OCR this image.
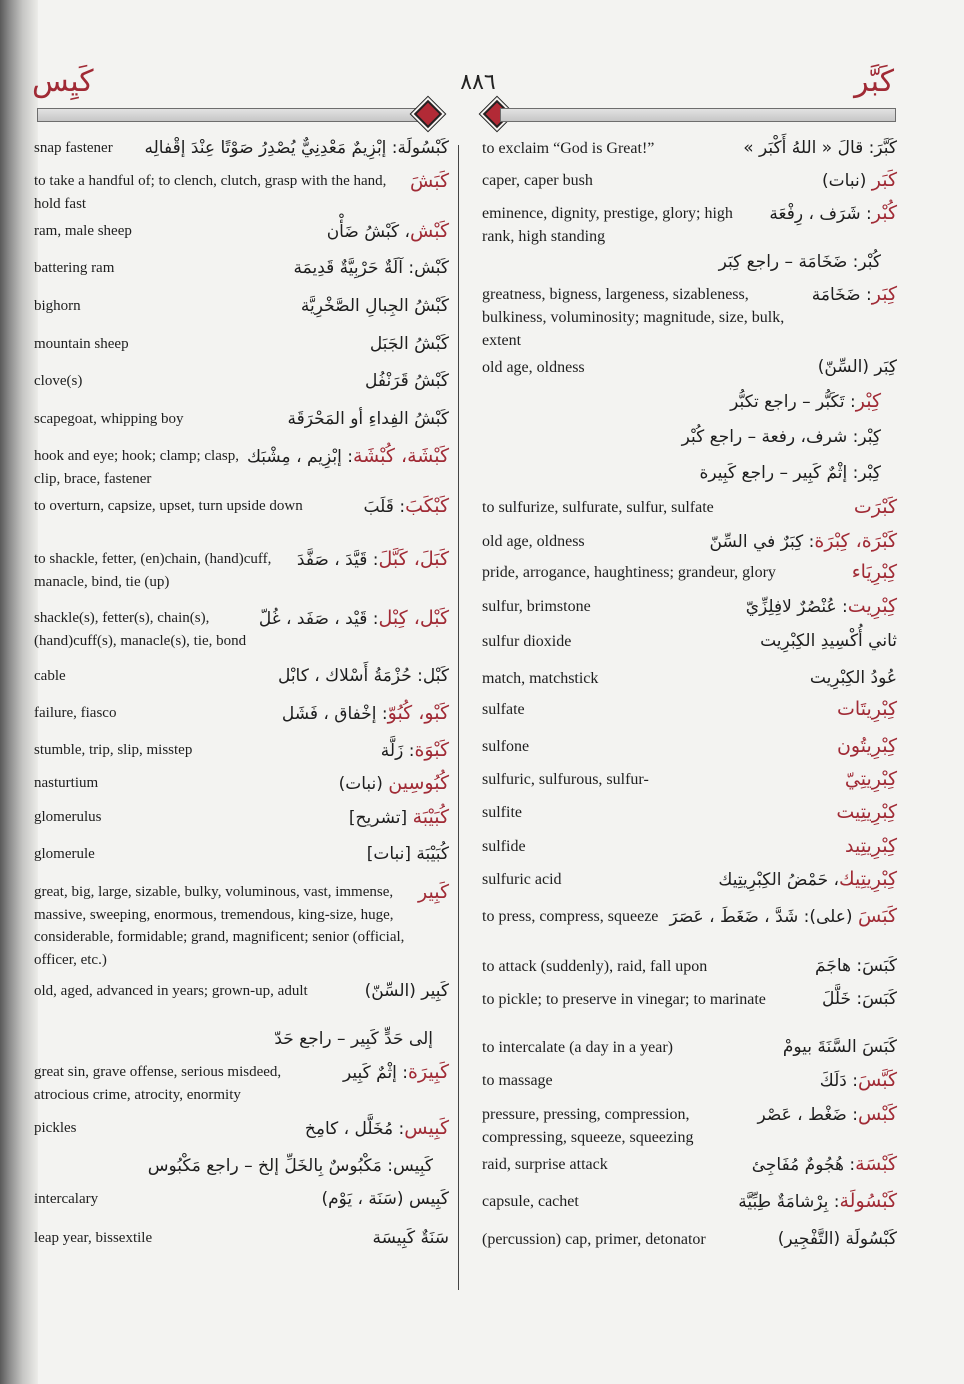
كَيِس	٨٨٦	كَبَّر
كَبْسُولَة: إبْزِيمٌ مَعْدِنِيٌّ يُصْدِرُ صَوْتًا عِنْدَ إقْفالِه
snap fastener
كَبَشَ
to take a handful of; to clench, clutch, grasp with the hand, hold fast
كَبْش، كَبْشُ ضَأْن
ram, male sheep
كَبْش: آلَةٌ حَرْبِيَّةٌ قَدِيمَة
battering ram
كَبْشُ الجِبالِ الصَّخْرِيَّة
bighorn
كَبْشُ الجَبَل
mountain sheep
كَبْشُ قَرَنْفُل
clove(s)
كَبْشُ الفِداءِ أو المَحْرَقَة
scapegoat, whipping boy
كَبْشَة، كُبْشَة: إبْزِيم ، مِشْبَك
hook and eye; hook; clamp; clasp, clip, brace, fastener
كَبْكَبَ: قَلَبَ
to overturn, capsize, upset, turn upside down
كَبَلَ، كَبَّلَ: قَيَّدَ ، صَفَّدَ
to shackle, fetter, (en)chain, (hand)cuff, manacle, bind, tie (up)
كَبْل، كِبْل: قَيْد ، صَفَد ، غُلّ
shackle(s), fetter(s), chain(s), (hand)cuff(s), manacle(s), tie, bond
كَبْل: حُزْمَةُ أَسْلاك ، كابْل
cable
كَبْو، كُبُوّ: إخْفاق ، فَشَل
failure, fiasco
كَبْوَة: زَلَّة
stumble, trip, slip, misstep
كُبُوسِين (نبات)
nasturtium
كُبَيْبَة [تشريح]
glomerulus
كُبَيْبَة [نبات]
glomerule
كَبِير
great, big, large, sizable, bulky, voluminous, vast, immense, massive, sweeping, enormous, tremendous, king-size, huge, considerable, formidable; grand, magnificent; senior (official, officer, etc.)
كَبِير (السِّنّ)
old, aged, advanced in years; grown-up, adult
إلى حَدٍّ كَبِير – راجع حَدّ
كَبِيرَة: إثْمٌ كَبِير
great sin, grave offense, serious misdeed, atrocious crime, atrocity, enormity
كَبِيس: مُخَلَّل ، كامِخ
pickles
كَبِيس: مَكْبُوسٌ بِالخَلِّ إلخ – راجع مَكْبُوس
كَبِيس (سَنَة ، يَوْم)
intercalary
سَنَةٌ كَبِيسَة
leap year, bissextile
كَبَّرَ: قالَ « اللهُ أَكْبَر »
to exclaim “God is Great!”
كَبَر (نبات)
caper, caper bush
كُبْر: شَرَف ، رِفْعَة
eminence, dignity, prestige, glory; high rank, high standing
كُبْر: ضَخَامَة – راجع كِبَر
كِبَر: ضَخَامَة
greatness, bigness, largeness, sizableness, bulkiness, voluminosity; magnitude, size, bulk, extent
كِبَر (السِّنّ)
old age, oldness
كِبْر: تَكَبُّر – راجع تكبُّر
كِبْر: شرف، رفعة – راجع كُبْر
كِبْر: إثْمٌ كَبِير – راجع كَبِيرة
كَبْرَت
to sulfurize, sulfurate, sulfur, sulfate
كَبْرَة، كِبْرَة: كِبَرٌ في السِّنّ
old age, oldness
كِبْرِيَاء
pride, arrogance, haughtiness; grandeur, glory
كِبْرِيت: عُنْصُرٌ لافِلِزِّيّ
sulfur, brimstone
ثاني أُكْسِيدِ الكِبْرِيت
sulfur dioxide
عُودُ الكِبْرِيت
match, matchstick
كِبْرِيتَات
sulfate
كِبْرِيتُون
sulfone
كِبْرِيتِيّ
sulfuric, sulfurous, sulfur-
كِبْرِيتِيت
sulfite
كِبْرِيتِيد
sulfide
كِبْرِيتِيك، حَمْضُ الكِبْرِيتِيك
sulfuric acid
كَبَسَ (على): شَدَّ ، ضَغَطَ ، عَصَرَ
to press, compress, squeeze
كَبَسَ: هاجَمَ
to attack (suddenly), raid, fall upon
كَبَسَ: خَلَّلَ
to pickle; to preserve in vinegar; to marinate
كَبَسَ السَّنَةَ بيومْ
to intercalate (a day in a year)
كَبَّسَ: دَلَكَ
to massage
كَبْس: ضَغْط ، عَصْر
pressure, pressing, compression, compressing, squeeze, squeezing
كَبْسَة: هُجُومٌ مُفَاجِئ
raid, surprise attack
كَبْسُولَة: بِرْشامَةٌ طِبِّيَّة
capsule, cachet
كَبْسُولَة (التَّفْجِير)
(percussion) cap, primer, detonator
